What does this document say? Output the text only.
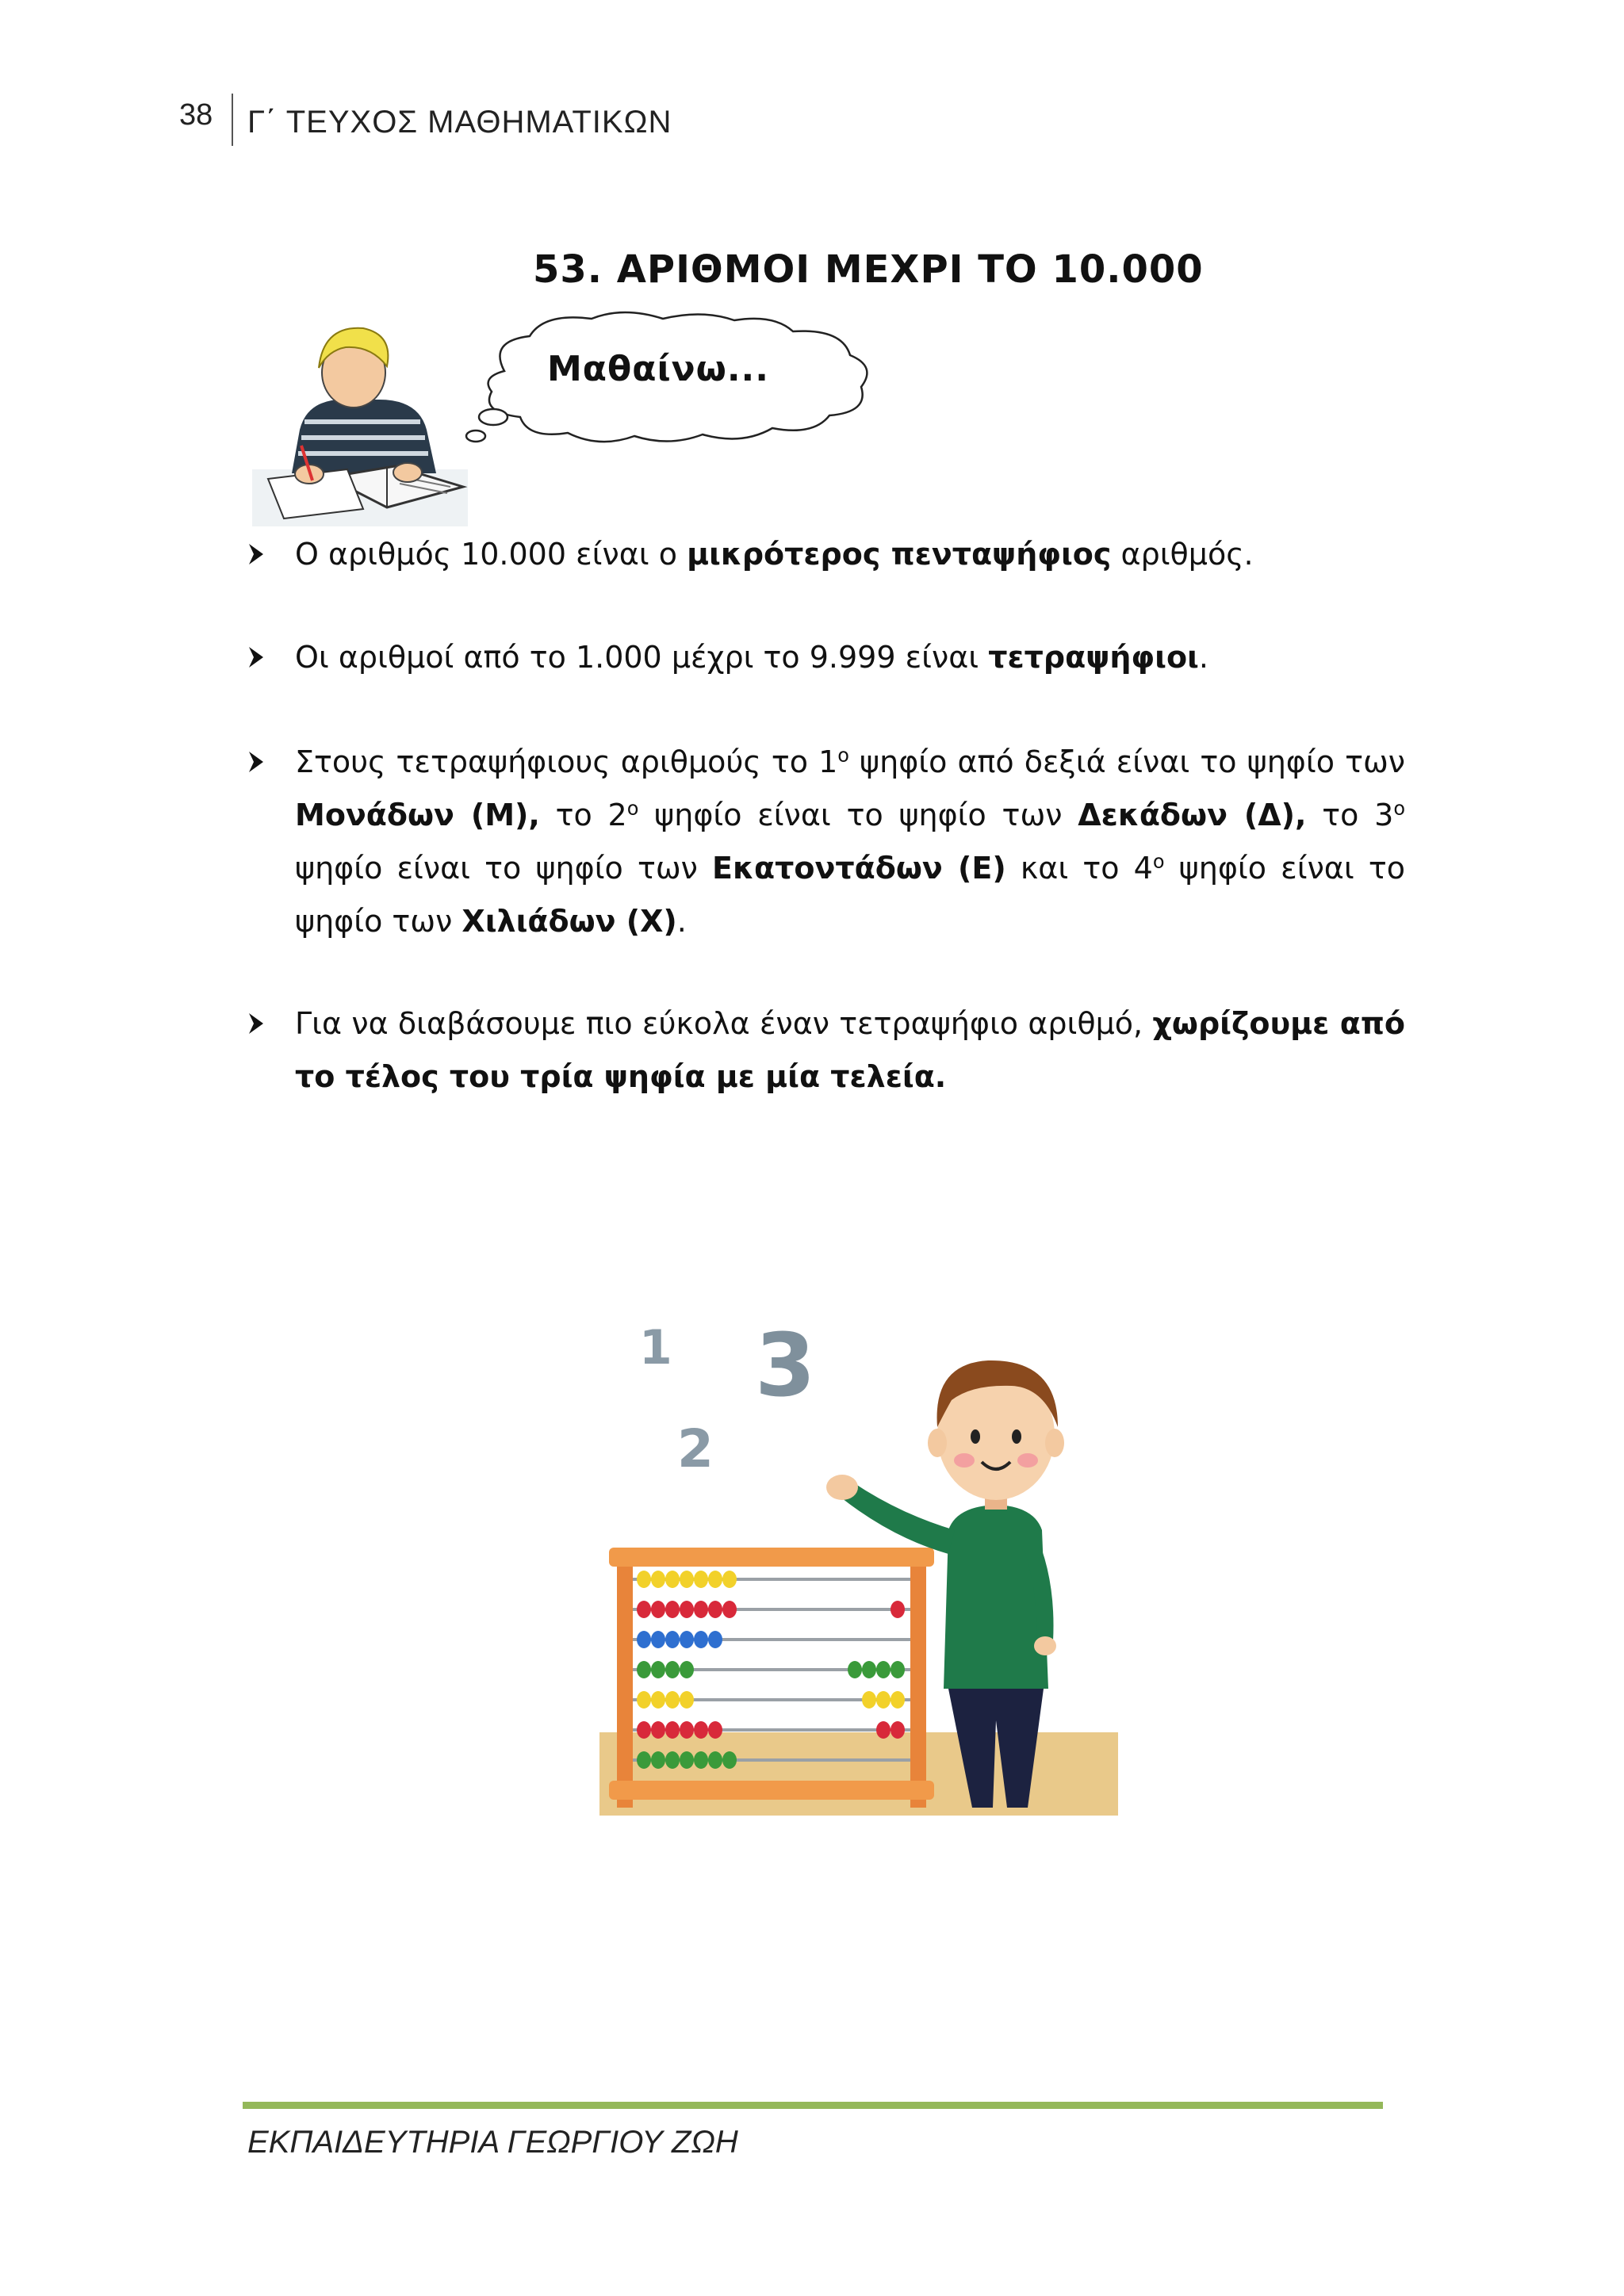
38 Γ΄ ΤΕΥΧΟΣ ΜΑΘΗΜΑΤΙΚΩΝ
53. ΑΡΙΘΜΟΙ ΜΕΧΡΙ ΤΟ 10.000
Μαθαίνω...
Ο αριθμός 10.000 είναι ο μικρότερος πενταψήφιος αριθμός.
Οι αριθμοί από το 1.000 μέχρι το 9.999 είναι τετραψήφιοι.
Στους τετραψήφιους αριθμούς το $1^o$ ψηφίο από δεξιά είναι το ψηφίο των Μονάδων (Μ), το $2^o$ ψηφίο είναι το ψηφίο των Δεκάδων (Δ), το $3^o$ ψηφίο είναι το ψηφίο των Εκατοντάδων (Ε) και το $4^o$ ψηφίο είναι το ψηφίο των Χιλιάδων (Χ).
Για να διαβάσουμε πιο εύκολα έναν τετραψήφιο αριθμό, χωρίζουμε από το τέλος του τρία ψηφία με μία τελεία.
1
2
3
ΕΚΠΑΙΔΕΥΤΗΡΙΑ ΓΕΩΡΓΙΟΥ ΖΩΗ
